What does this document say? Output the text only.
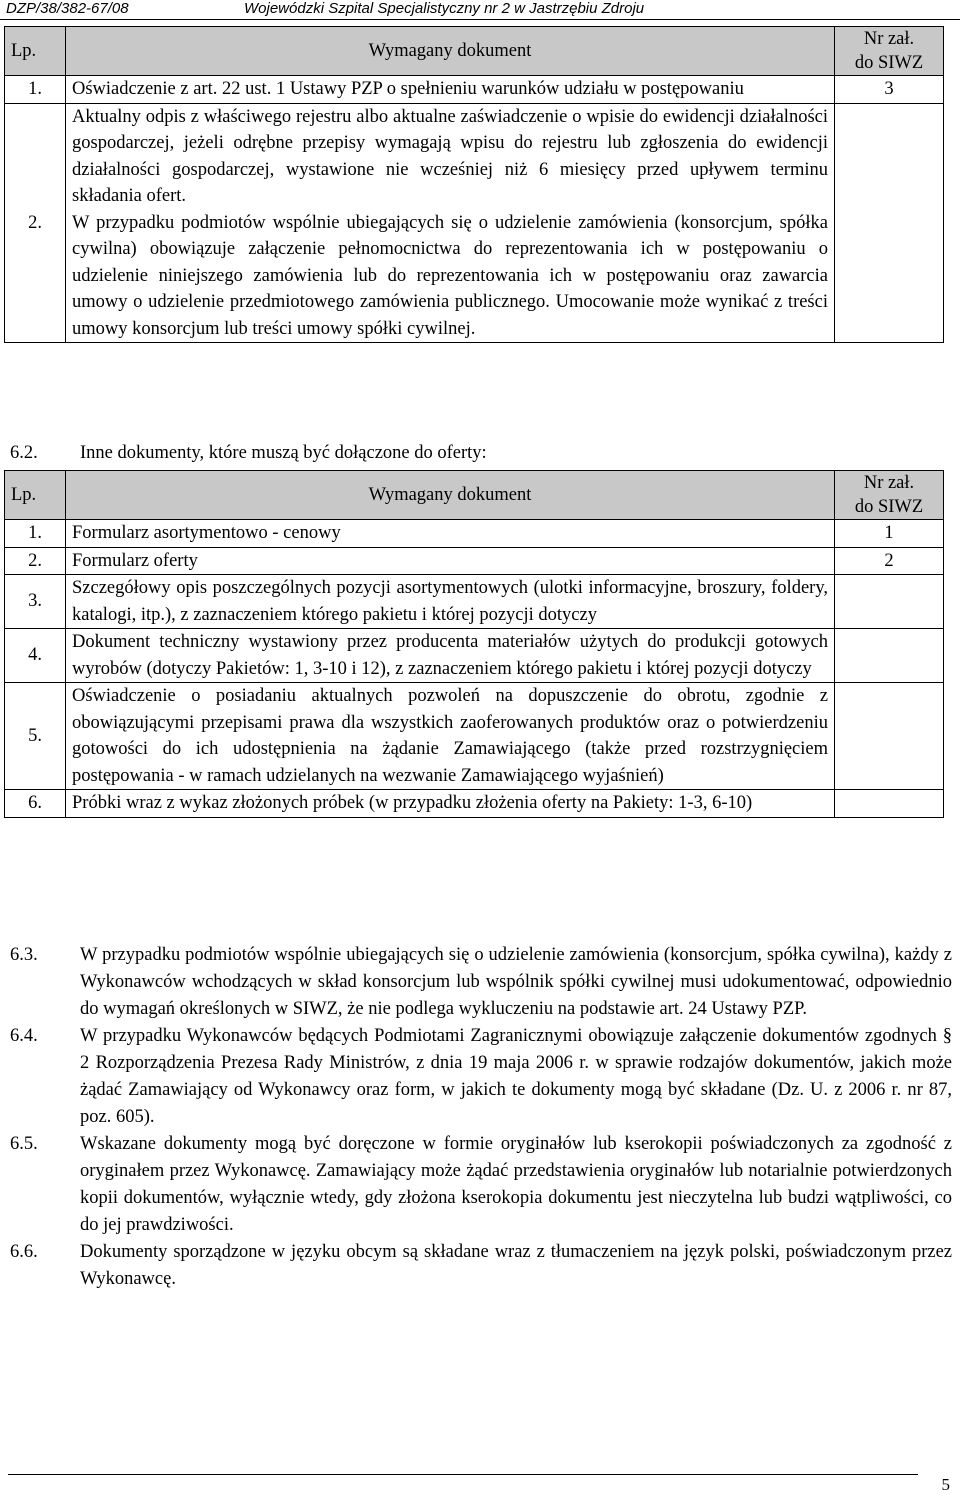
DZP/38/382-67/08	Wojewódzki Szpital Specjalistyczny nr 2 w Jastrzębiu Zdroju
Lp.	Wymagany dokument	Nr zał.
do SIWZ
1.	Oświadczenie z art. 22 ust. 1 Ustawy PZP o spełnieniu warunków udziału w postępowaniu	3
2.	Aktualny odpis z właściwego rejestru albo aktualne zaświadczenie o wpisie do ewidencji działalności gospodarczej, jeżeli odrębne przepisy wymagają wpisu do rejestru lub zgłoszenia do ewidencji działalności gospodarczej, wystawione nie wcześniej niż 6 miesięcy przed upływem terminu składania ofert.
W przypadku podmiotów wspólnie ubiegających się o udzielenie zamówienia (konsorcjum, spółka cywilna) obowiązuje załączenie pełnomocnictwa do reprezentowania ich w postępowaniu o udzielenie niniejszego zamówienia lub do reprezentowania ich w postępowaniu oraz zawarcia umowy o udzielenie przedmiotowego zamówienia publicznego. Umocowanie może wynikać z treści umowy konsorcjum lub treści umowy spółki cywilnej.	

6.2. Inne dokumenty, które muszą być dołączone do oferty:
Lp.	Wymagany dokument	Nr zał.
do SIWZ
1.	Formularz asortymentowo - cenowy	1
2.	Formularz oferty	2
3.	Szczegółowy opis poszczególnych pozycji asortymentowych (ulotki informacyjne, broszury, foldery, katalogi, itp.), z zaznaczeniem którego pakietu i której pozycji dotyczy	
4.	Dokument techniczny wystawiony przez producenta materiałów użytych do produkcji gotowych wyrobów (dotyczy Pakietów: 1, 3-10 i 12), z zaznaczeniem którego pakietu i której pozycji dotyczy	
5.	Oświadczenie o posiadaniu aktualnych pozwoleń na dopuszczenie do obrotu, zgodnie z obowiązującymi przepisami prawa dla wszystkich zaoferowanych produktów oraz o potwierdzeniu gotowości do ich udostępnienia na żądanie Zamawiającego (także przed rozstrzygnięciem postępowania - w ramach udzielanych na wezwanie Zamawiającego wyjaśnień)	
6.	Próbki wraz z wykaz złożonych próbek (w przypadku złożenia oferty na Pakiety: 1-3, 6-10)	
6.3.	W przypadku podmiotów wspólnie ubiegających się o udzielenie zamówienia (konsorcjum, spółka cywilna), każdy z Wykonawców wchodzących w skład konsorcjum lub wspólnik spółki cywilnej musi udokumentować, odpowiednio do wymagań określonych w SIWZ, że nie podlega wykluczeniu na podstawie art. 24 Ustawy PZP.
6.4.	W przypadku Wykonawców będących Podmiotami Zagranicznymi obowiązuje załączenie dokumentów zgodnych § 2 Rozporządzenia Prezesa Rady Ministrów, z dnia 19 maja 2006 r. w sprawie rodzajów dokumentów, jakich może żądać Zamawiający od Wykonawcy oraz form, w jakich te dokumenty mogą być składane (Dz. U. z 2006 r. nr 87, poz. 605).
6.5.	Wskazane dokumenty mogą być doręczone w formie oryginałów lub kserokopii poświadczonych za zgodność z oryginałem przez Wykonawcę. Zamawiający może żądać przedstawienia oryginałów lub notarialnie potwierdzonych kopii dokumentów, wyłącznie wtedy, gdy złożona kserokopia dokumentu jest nieczytelna lub budzi wątpliwości, co do jej prawdziwości.
6.6.	Dokumenty sporządzone w języku obcym są składane wraz z tłumaczeniem na język polski, poświadczonym przez Wykonawcę.
5
